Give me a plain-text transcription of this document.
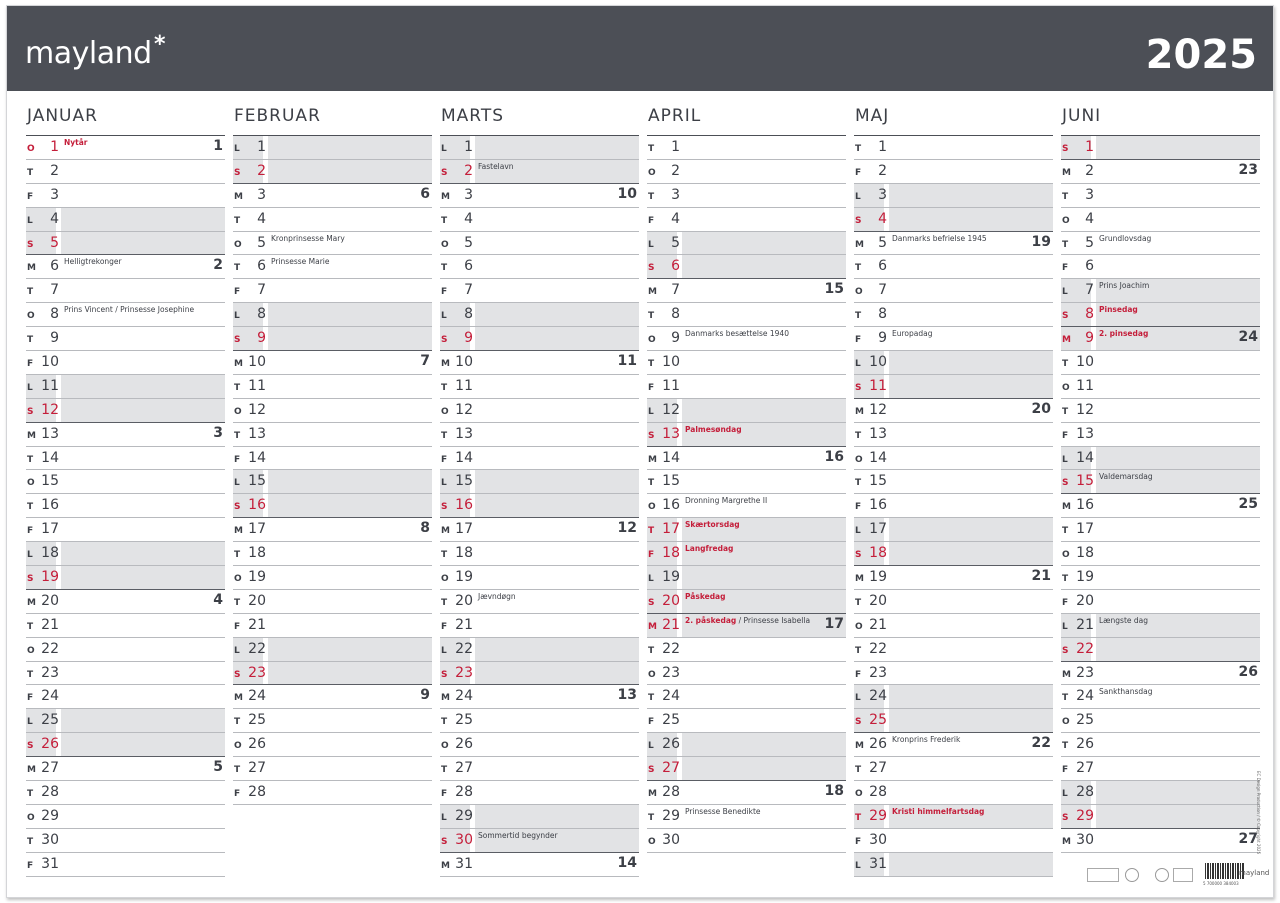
mayland *	2025
JANUAR
O	1 Nytår	1
T	2
F	3
L	4
S	5
M	6 Helligtrekonger	2
T	7
O	8 Prins Vincent / Prinsesse Josephine
T	9
F 10
L 11
S 12
M 13	3
T 14
O 15
T 16
F 17
L 18
S 19
M 20	4
T 21
O 22
T 23
F 24
L 25
S 26
M 27	5
T 28
O 29
T 30
F 31
FEBRUAR
L	1
S	2
M	3	6
T	4
O	5 Kronprinsesse Mary
T	6 Prinsesse Marie
F	7
L	8
S	9
M 10	7
T 11
O 12
T 13
F 14
L 15
S 16
M 17	8
T 18
O 19
T 20
F 21
L 22
S 23
M 24	9
T 25
O 26
T 27
F 28
MARTS
L	1
S	2 Fastelavn
M	3	10
T	4
O	5
T	6
F	7
L	8
S	9
M 10	11
T 11
O 12
T 13
F 14
L 15
S 16
M 17	12
T 18
O 19
T 20 Jævndøgn
F 21
L 22
S 23
M 24	13
T 25
O 26
T 27
F 28
L 29
S 30 Sommertid begynder
M 31	14
APRIL
T	1
O	2
T	3
F	4
L	5
S	6
M	7	15
T	8
O	9 Danmarks besættelse 1940
T 10
F 11
L 12
S 13 Palmesøndag
M 14	16
T 15
O 16 Dronning Margrethe II
T 17 Skærtorsdag
F 18 Langfredag
L 19
S 20 Påskedag
M 21 2. påskedag / Prinsesse Isabella 17
T 22
O 23
T 24
F 25
L 26
S 27
M 28	18
T 29 Prinsesse Benedikte
O 30
MAJ
T	1
F	2
L	3
S	4
M	5 Danmarks befrielse 1945	19
T	6
O	7
T	8
F	9 Europadag
L 10
S 11
M 12	20
T 13
O 14
T 15
F 16
L 17
S 18
M 19	21
T 20
O 21
T 22
F 23
L 24
S 25
M 26 Kronprins Frederik	22
T 27
O 28
T 29 Kristi himmelfartsdag
F 30
L 31
JUNI
S	1
M	2	23
T	3
O	4
T	5 Grundlovsdag
F	6
L	7 Prins Joachim
S	8 Pinsedag
M	9 2. pinsedag	24
T 10
O 11
T 12
F 13
L 14
S 15 Valdemarsdag
M 16	25
T 17
O 18
T 19
F 20
L 21 Længste dag
S 22
M 23	26
T 24 Sankthansdag
O 25
T 26
F 27
L 28
S 29
M 30	27
5 700000 384003
mayland
EC Design Production / © Copyright 2025
